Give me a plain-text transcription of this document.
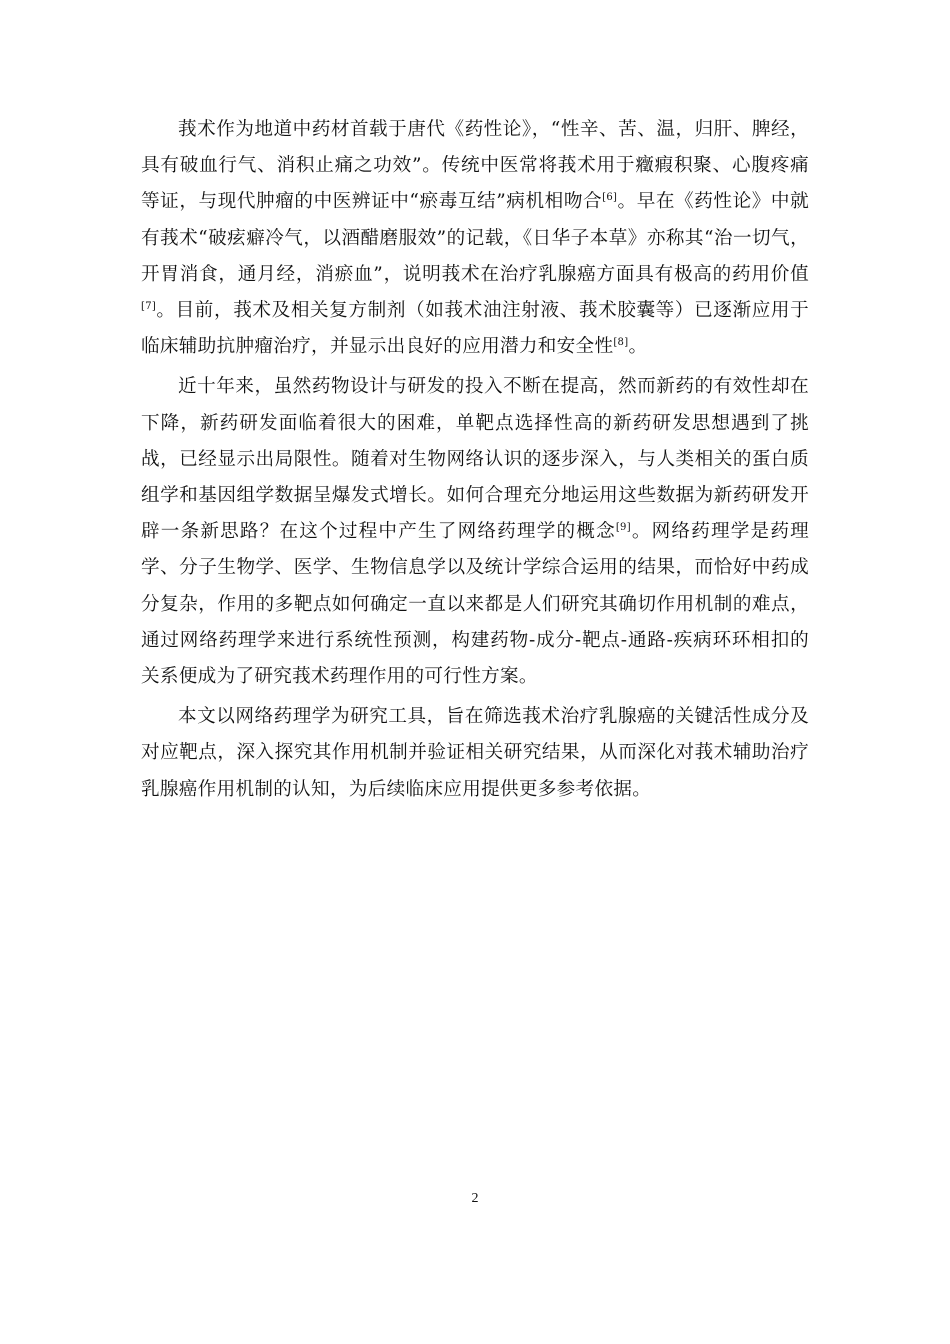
莪术作为地道中药材首载于唐代《药性论》，“性辛、苦、温，归肝、脾经，具有破血行气、消积止痛之功效”。传统中医常将莪术用于癥瘕积聚、心腹疼痛等证，与现代肿瘤的中医辨证中“瘀毒互结”病机相吻合[6]。早在《药性论》中就有莪术“破痃癖冷气，以酒醋磨服效”的记载，《日华子本草》亦称其“治一切气，开胃消食，通月经，消瘀血”，说明莪术在治疗乳腺癌方面具有极高的药用价值[7]。目前，莪术及相关复方制剂（如莪术油注射液、莪术胶囊等）已逐渐应用于临床辅助抗肿瘤治疗，并显示出良好的应用潜力和安全性[8]。

近十年来，虽然药物设计与研发的投入不断在提高，然而新药的有效性却在下降，新药研发面临着很大的困难，单靶点选择性高的新药研发思想遇到了挑战，已经显示出局限性。随着对生物网络认识的逐步深入，与人类相关的蛋白质组学和基因组学数据呈爆发式增长。如何合理充分地运用这些数据为新药研发开辟一条新思路？在这个过程中产生了网络药理学的概念[9]。网络药理学是药理学、分子生物学、医学、生物信息学以及统计学综合运用的结果，而恰好中药成分复杂，作用的多靶点如何确定一直以来都是人们研究其确切作用机制的难点，通过网络药理学来进行系统性预测，构建药物-成分-靶点-通路-疾病环环相扣的关系便成为了研究莪术药理作用的可行性方案。

本文以网络药理学为研究工具，旨在筛选莪术治疗乳腺癌的关键活性成分及对应靶点，深入探究其作用机制并验证相关研究结果，从而深化对莪术辅助治疗乳腺癌作用机制的认知，为后续临床应用提供更多参考依据。

2
